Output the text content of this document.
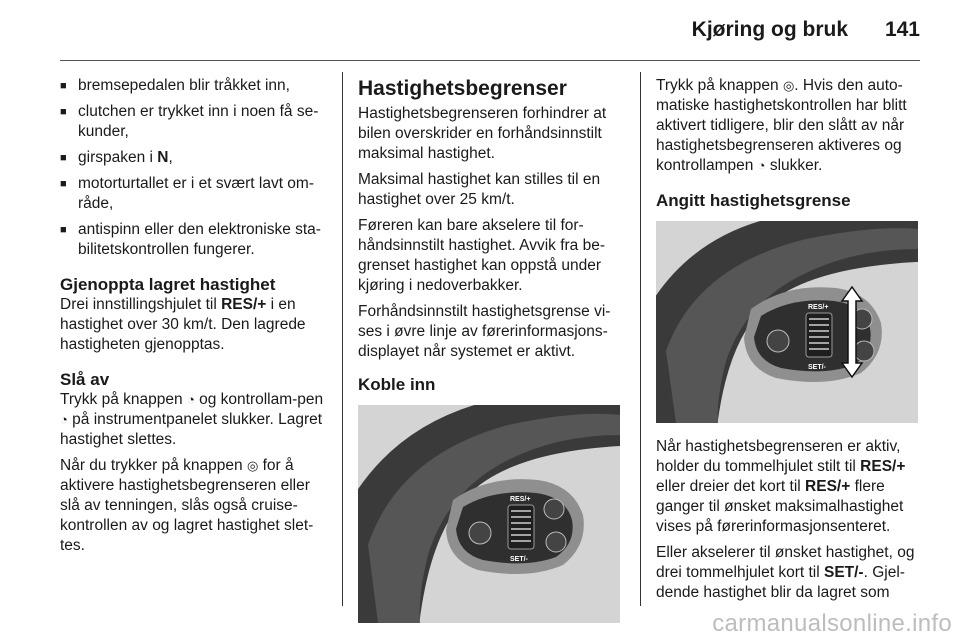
Kjøring og bruk 141
■ bremsepedalen blir tråkket inn,
■ clutchen er trykket inn i noen få se-kunder,
■ girspaken i N,
■ motorturtallet er i et svært lavt om-råde,
■ antispinn eller den elektroniske sta-bilitetskontrollen fungerer.
Gjenoppta lagret hastighet

Drei innstillingshjulet til RES/+ i en hastighet over 30 km/t. Den lagrede hastigheten gjenopptas.

Slå av

Trykk på knappen ◔ og kontrollam-pen ◔ på instrumentpanelet slukker. Lagret hastighet slettes.

Når du trykker på knappen ◎ for å aktivere hastighetsbegrenseren eller slå av tenningen, slås også cruise-kontrollen av og lagret hastighet slet-tes.

Hastighetsbegrenser

Hastighetsbegrenseren forhindrer at bilen overskrider en forhåndsinnstilt maksimal hastighet.

Maksimal hastighet kan stilles til en hastighet over 25 km/t.

Føreren kan bare akselere til for-håndsinnstilt hastighet. Avvik fra be-grenset hastighet kan oppstå under kjøring i nedoverbakker.

Forhåndsinnstilt hastighetsgrense vi-ses i øvre linje av førerinformasjons-displayet når systemet er aktivt.

Koble inn
RES/+
SET/-

Trykk på knappen ◎. Hvis den auto-matiske hastighetskontrollen har blitt aktivert tidligere, blir den slått av når hastighetsbegrenseren aktiveres og kontrollampen ◔ slukker.

Angitt hastighetsgrense
RES/+
SET/-

Når hastighetsbegrenseren er aktiv, holder du tommelhjulet stilt til RES/+ eller dreier det kort til RES/+ flere ganger til ønsket maksimalhastighet vises på førerinformasjonsenteret.

Eller akselerer til ønsket hastighet, og drei tommelhjulet kort til SET/-. Gjel-dende hastighet blir da lagret som

carmanualsonline.info
